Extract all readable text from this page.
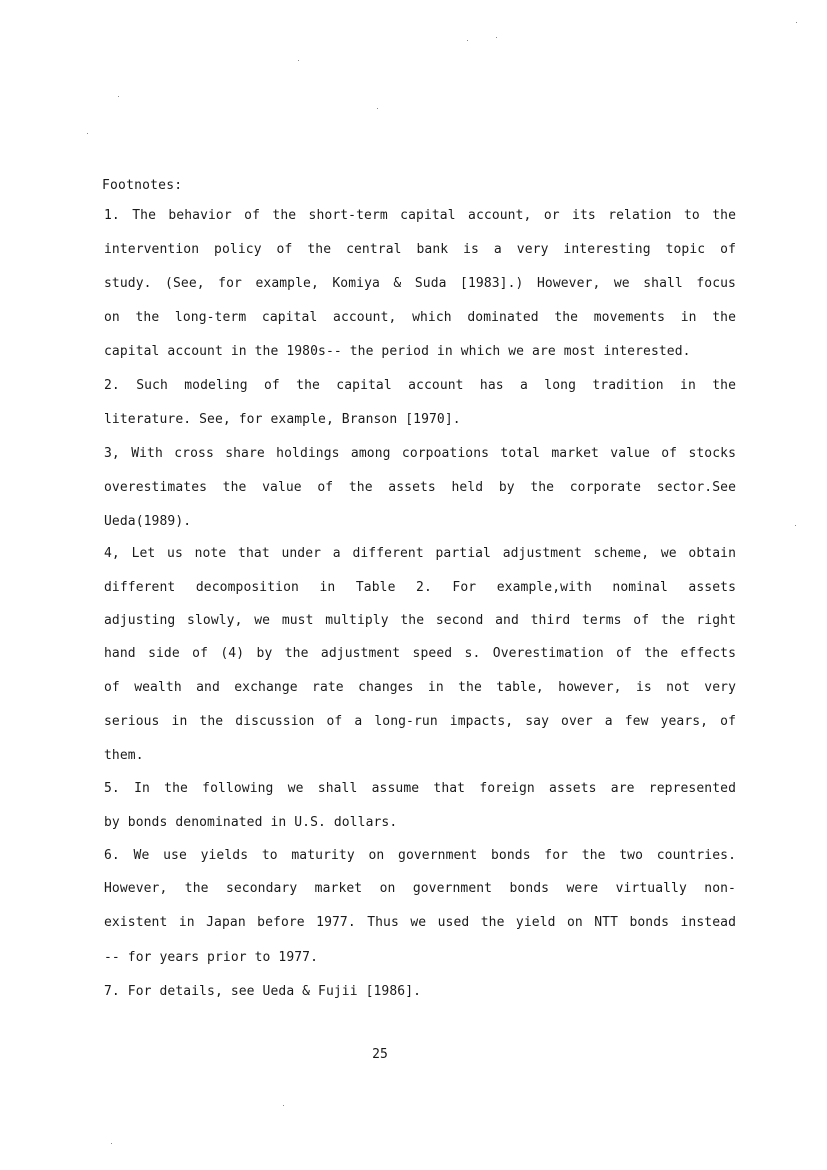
Footnotes:
1. The behavior of the short-term capital account, or its relation to the
intervention policy of the central bank is a very interesting topic of
study. (See, for example, Komiya & Suda [1983].) However, we shall focus
on the long-term capital account, which dominated the movements in the
capital account in the 1980s-- the period in which we are most interested.
2. Such modeling of the capital account has a long tradition in the
literature. See, for example, Branson [1970].
3, With cross share holdings among corpoations total market value of stocks
overestimates the value of the assets held by the corporate sector.See
Ueda(1989).
4, Let us note that under a different partial adjustment scheme, we obtain
different decomposition in Table 2. For example,with nominal assets
adjusting slowly, we must multiply the second and third terms of the right
hand side of (4) by the adjustment speed s. Overestimation of the effects
of wealth and exchange rate changes in the table, however, is not very
serious in the discussion of a long-run impacts, say over a few years, of
them.
5. In the following we shall assume that foreign assets are represented
by bonds denominated in U.S. dollars.
6. We use yields to maturity on government bonds for the two countries.
However, the secondary market on government bonds were virtually non-
existent in Japan before 1977. Thus we used the yield on NTT bonds instead
-- for years prior to 1977.
7. For details, see Ueda & Fujii [1986].
25
